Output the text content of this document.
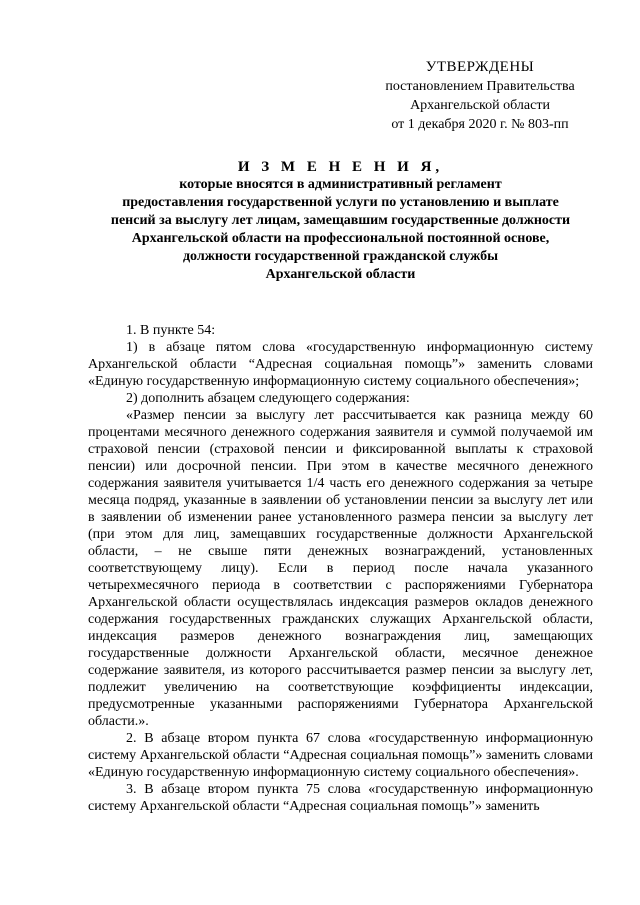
УТВЕРЖДЕНЫ
постановлением Правительства
Архангельской области
от 1 декабря 2020 г. № 803-пп
И З М Е Н Е Н И Я,
которые вносятся в административный регламент
предоставления государственной услуги по установлению и выплате
пенсий за выслугу лет лицам, замещавшим государственные должности
Архангельской области на профессиональной постоянной основе,
должности государственной гражданской службы
Архангельской области

1. В пункте 54:

1) в абзаце пятом слова «государственную информационную систему Архангельской области “Адресная социальная помощь”» заменить словами «Единую государственную информационную систему социального обеспечения»;

2) дополнить абзацем следующего содержания:

«Размер пенсии за выслугу лет рассчитывается как разница между 60 процентами месячного денежного содержания заявителя и суммой получаемой им страховой пенсии (страховой пенсии и фиксированной выплаты к страховой пенсии) или досрочной пенсии. При этом в качестве месячного денежного содержания заявителя учитывается 1/4 часть его денежного содержания за четыре месяца подряд, указанные в заявлении об установлении пенсии за выслугу лет или в заявлении об изменении ранее установленного размера пенсии за выслугу лет (при этом для лиц, замещавших государственные должности Архангельской области, – не свыше пяти денежных вознаграждений, установленных соответствующему лицу). Если в период после начала указанного четырехмесячного периода в соответствии с распоряжениями Губернатора Архангельской области осуществлялась индексация размеров окладов денежного содержания государственных гражданских служащих Архангельской области, индексация размеров денежного вознаграждения лиц, замещающих государственные должности Архангельской области, месячное денежное содержание заявителя, из которого рассчитывается размер пенсии за выслугу лет, подлежит увеличению на соответствующие коэффициенты индексации, предусмотренные указанными распоряжениями Губернатора Архангельской области.».

2. В абзаце втором пункта 67 слова «государственную информационную систему Архангельской области “Адресная социальная помощь”» заменить словами «Единую государственную информационную систему социального обеспечения».

3. В абзаце втором пункта 75 слова «государственную информационную систему Архангельской области “Адресная социальная помощь”» заменить
